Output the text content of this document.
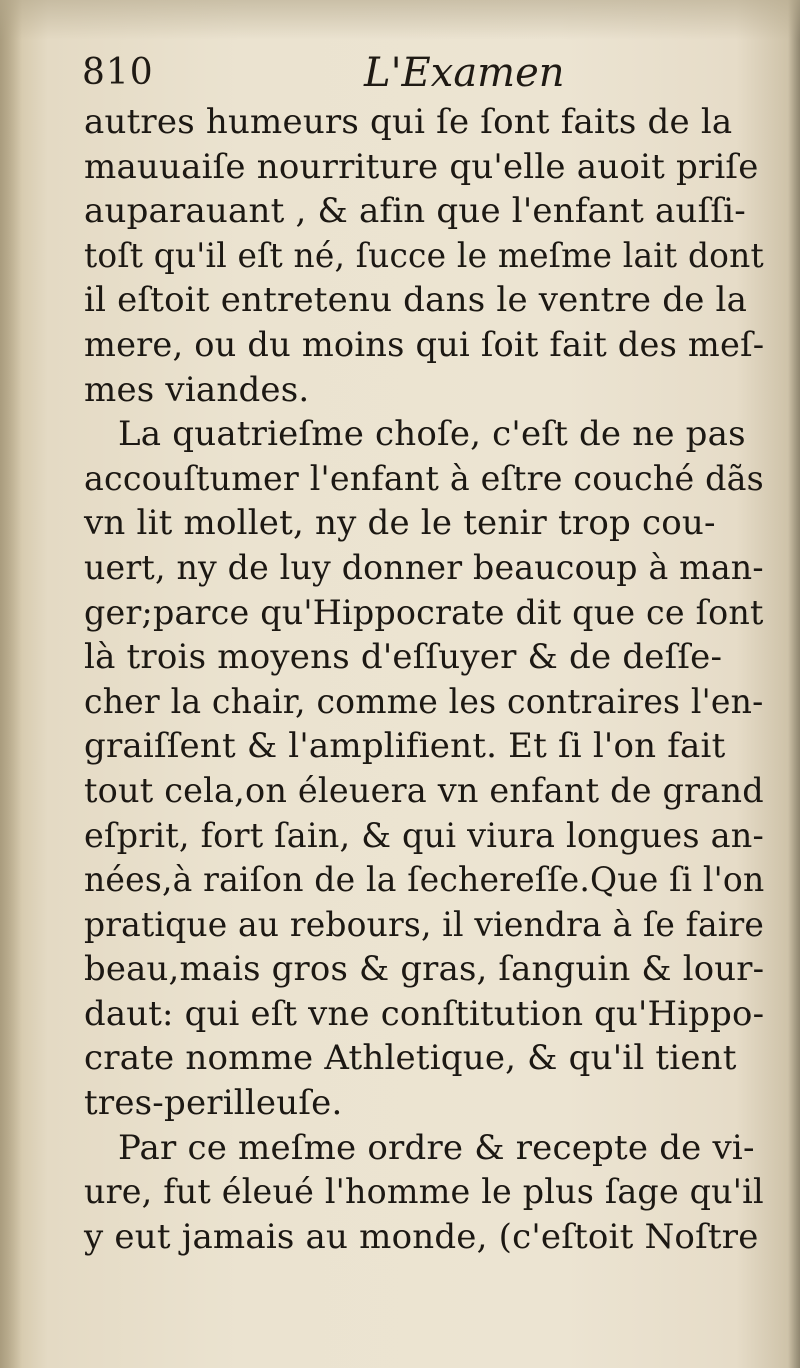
810	L'Examen
autres humeurs qui ſe ſont faits de la
mauuaiſe nourriture qu'elle auoit priſe
auparauant , & afin que l'enfant auſſi-
toſt qu'il eſt né, ſucce le meſme lait dont
il eſtoit entretenu dans le ventre de la
mere, ou du moins qui ſoit fait des meſ-
mes viandes.
La quatrieſme choſe, c'eſt de ne pas
accouſtumer l'enfant à eſtre couché dãs
vn lit mollet, ny de le tenir trop cou-
uert, ny de luy donner beaucoup à man-
ger;parce qu'Hippocrate dit que ce ſont
là trois moyens d'eſſuyer & de deſſe-
cher la chair, comme les contraires l'en-
graiſſent & l'amplifient. Et ſi l'on fait
tout cela,on éleuera vn enfant de grand
eſprit, fort ſain, & qui viura longues an-
nées,à raiſon de la ſechereſſe.Que ſi l'on
pratique au rebours, il viendra à ſe faire
beau,mais gros & gras, ſanguin & lour-
daut: qui eſt vne conſtitution qu'Hippo-
crate nomme Athletique, & qu'il tient
tres-perilleuſe.
Par ce meſme ordre & recepte de vi-
ure, fut éleué l'homme le plus ſage qu'il
y eut jamais au monde, (c'eſtoit Noſtre
